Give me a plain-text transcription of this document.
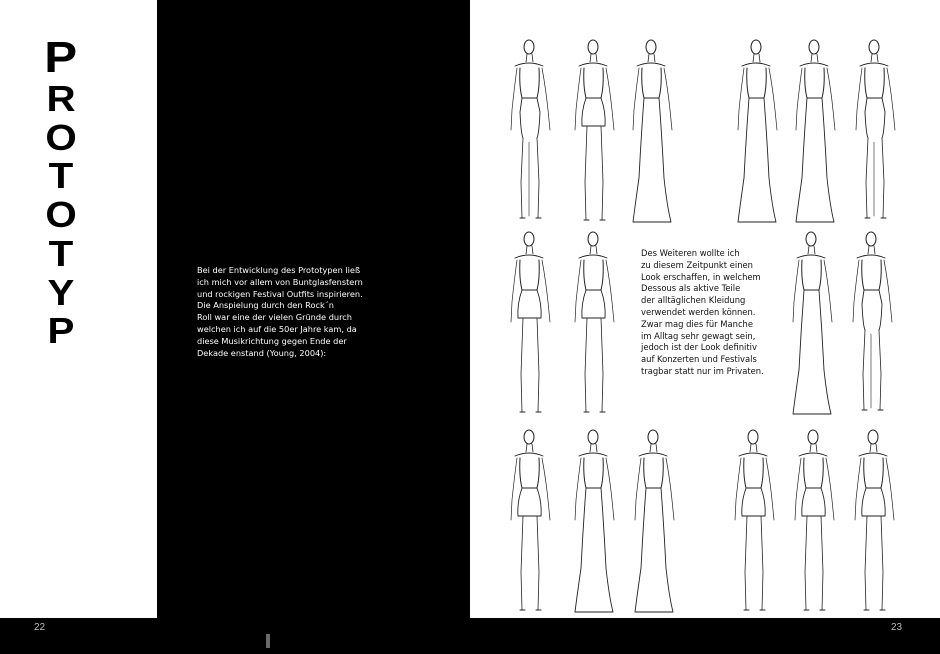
P
R
O
T
O
T
Y
P
Bei der Entwicklung des Prototypen ließ
ich mich vor allem von Buntglasfenstern
und rockigen Festival Outfits inspirieren.
Die Anspielung durch den Rock´n
Roll war eine der vielen Gründe durch
welchen ich auf die 50er Jahre kam, da
diese Musikrichtung gegen Ende der
Dekade enstand (Young, 2004):
Des Weiteren wollte ich
zu diesem Zeitpunkt einen
Look erschaffen, in welchem
Dessous als aktive Teile
der alltäglichen Kleidung
verwendet werden können.
Zwar mag dies für Manche
im Alltag sehr gewagt sein,
jedoch ist der Look definitiv
auf Konzerten und Festivals
tragbar statt nur im Privaten.
22	23
